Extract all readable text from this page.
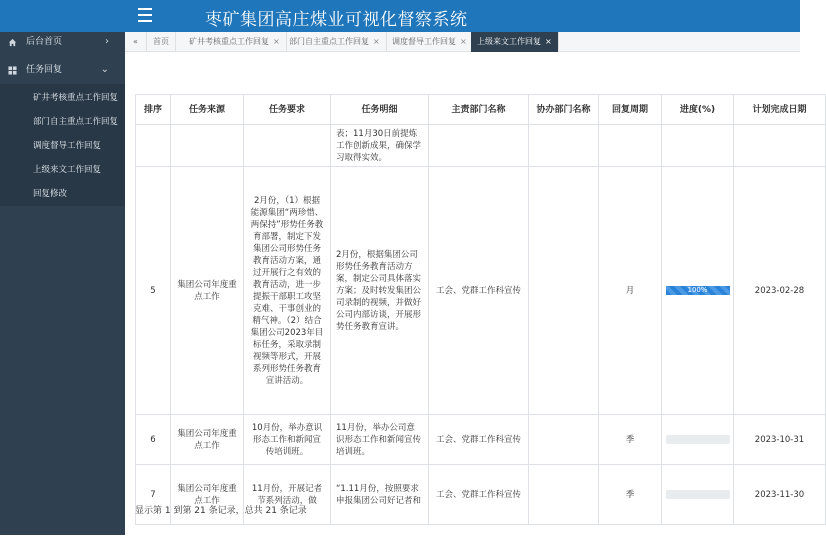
枣矿集团高庄煤业可视化督察系统
后台首页	›
任务回复	⌄
矿井考核重点工作回复
部门自主重点工作回复
调度督导工作回复
上级来文工作回复
回复修改
«	首页	矿井考核重点工作回复 ×	部门自主重点工作回复 ×	调度督导工作回复 ×	上级来文工作回复 ×
排序	任务来源	任务要求	任务明细	主责部门名称	协办部门名称	回复周期	进度(%)	计划完成日期
			表；11月30日前提炼工作创新成果，确保学习取得实效。					
5	集团公司年度重点工作	2月份，（1）根据能源集团“两珍惜、两保持”形势任务教育部署，制定下发集团公司形势任务教育活动方案，通过开展行之有效的教育活动，进一步提振干部职工攻坚克难、干事创业的精气神。（2）结合集团公司2023年目标任务，采取录制视频等形式，开展系列形势任务教育宣讲活动。	2月份，根据集团公司形势任务教育活动方案，制定公司具体落实方案；及时转发集团公司录制的视频，并做好公司内部访谈，开展形势任务教育宣讲。	工会、党群工作科宣传		月	100%	2023-02-28
6	集团公司年度重点工作	10月份，举办意识形态工作和新闻宣传培训班。	11月份，举办公司意识形态工作和新闻宣传培训班。	工会、党群工作科宣传		季		2023-10-31
7	集团公司年度重点工作	11月份，开展记者节系列活动，做	“1.11月份，按照要求申报集团公司好记者和	工会、党群工作科宣传		季		2023-11-30
显示第 1 到第 21 条记录，总共 21 条记录
